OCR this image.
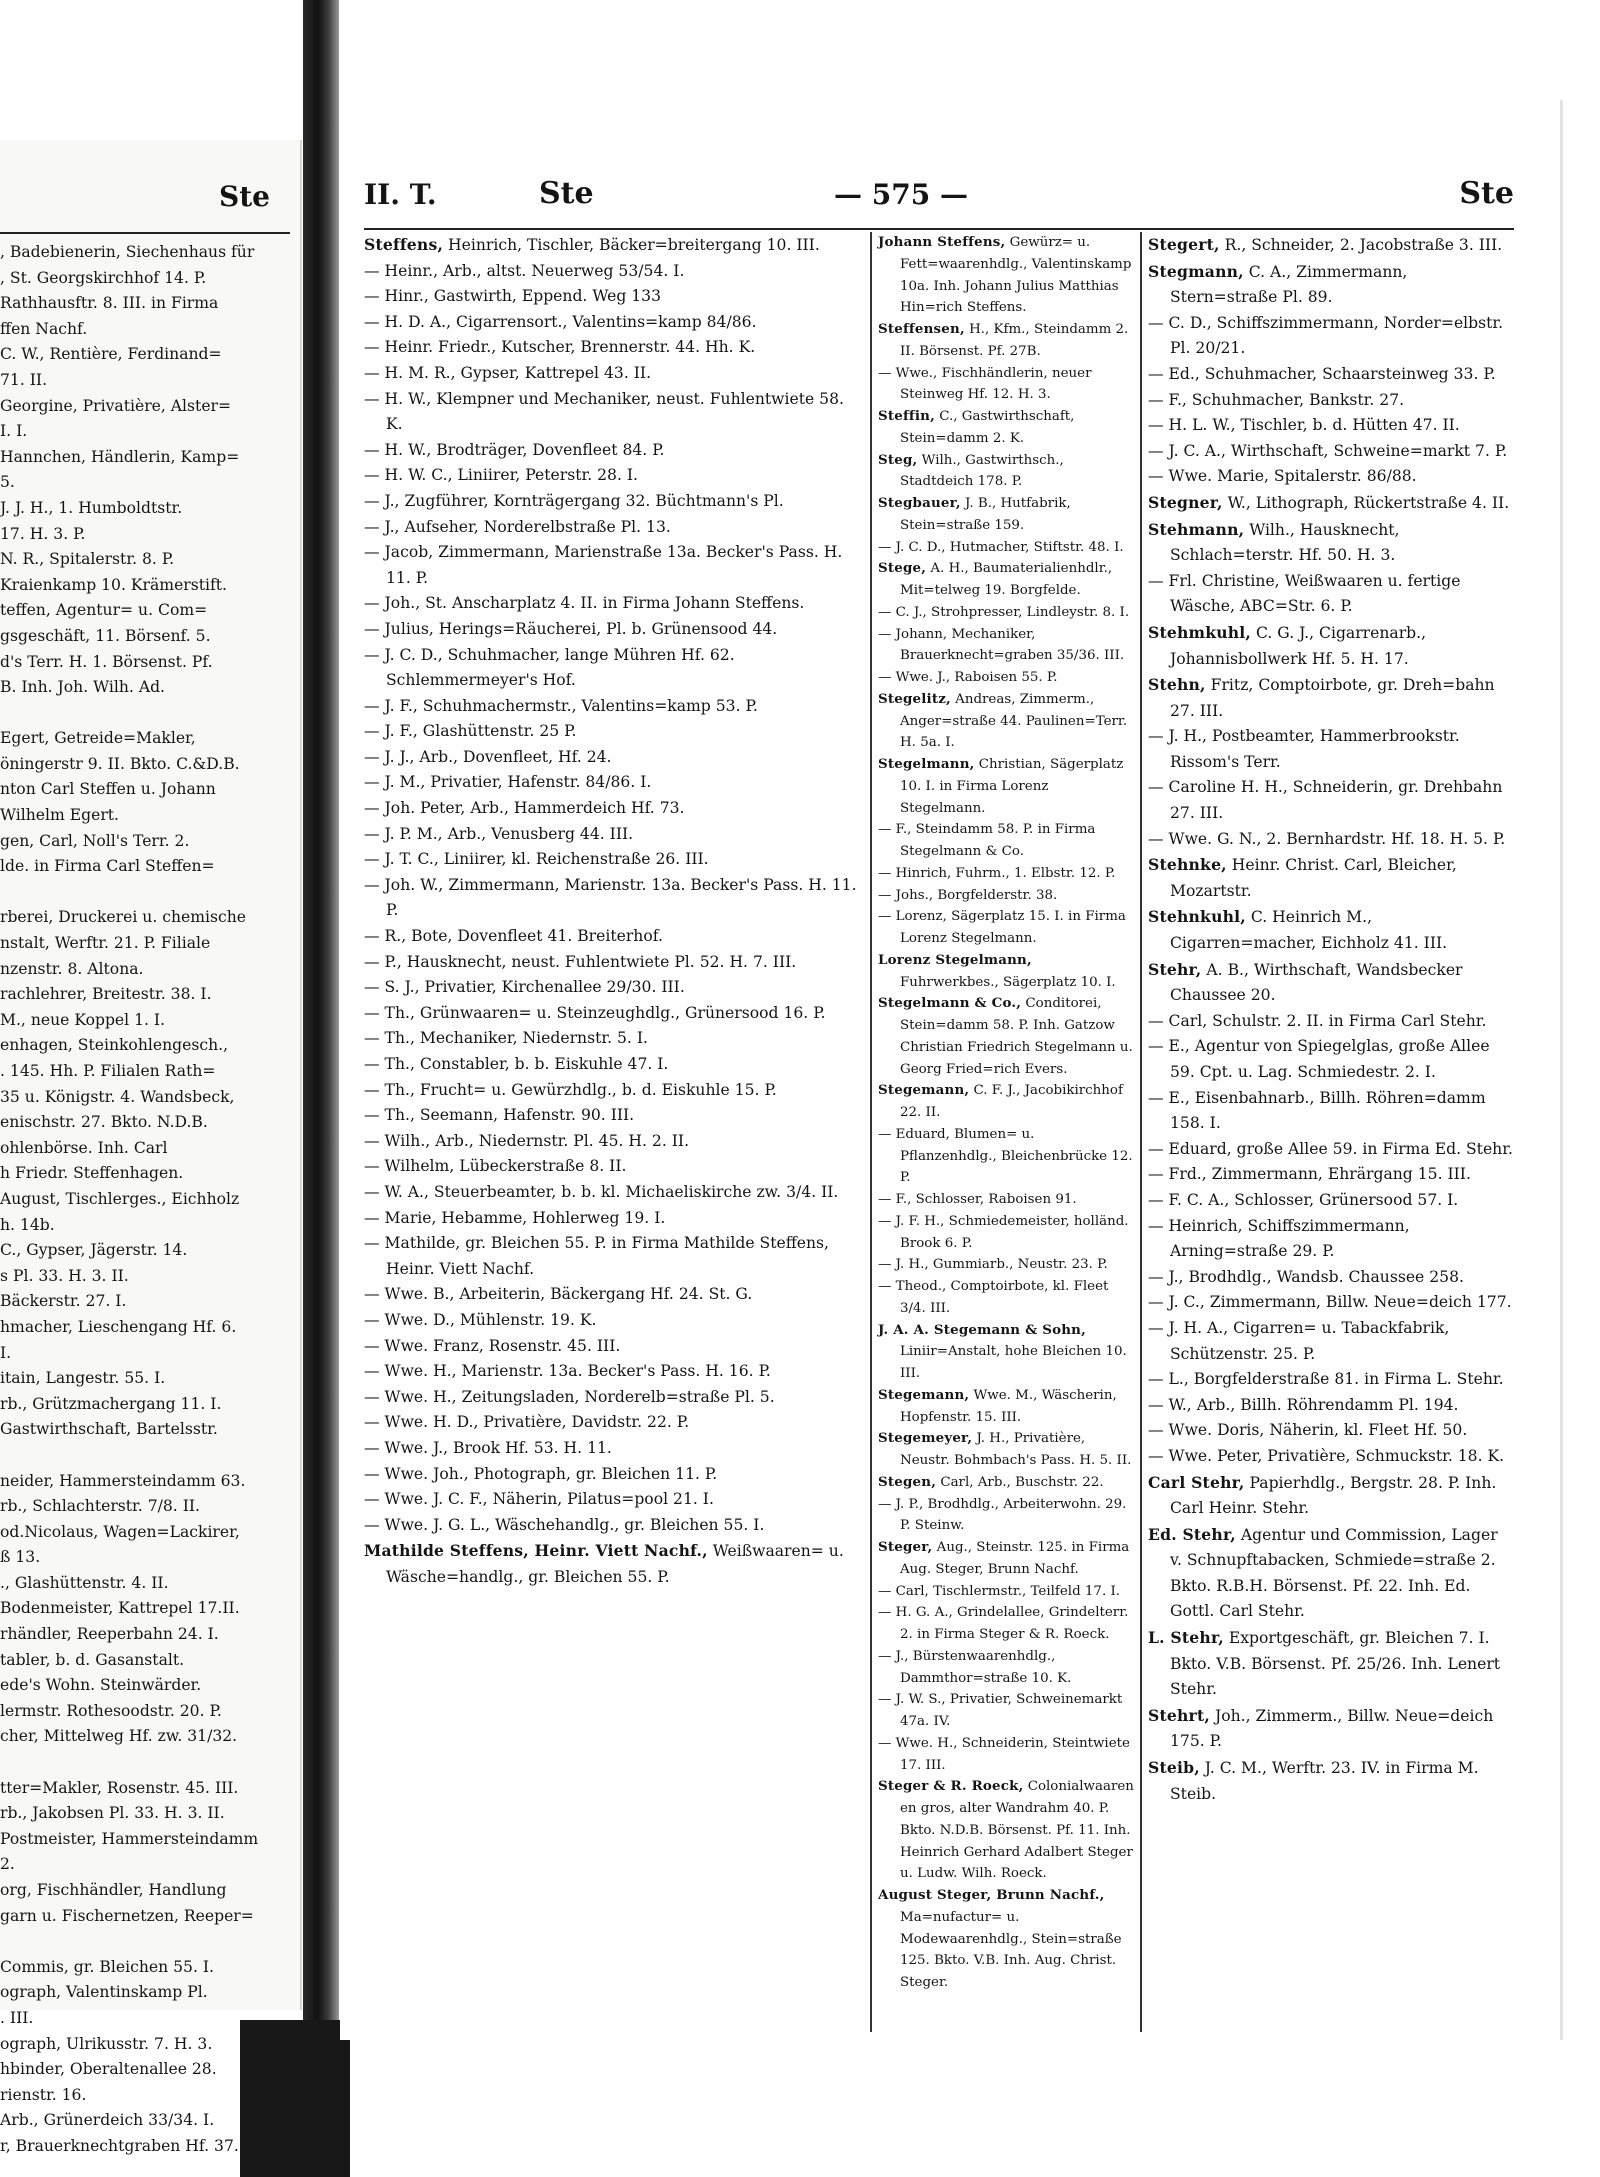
Ste
, Badebienerin, Siechenhaus für
, St. Georgskirchhof 14. P.
Rathhausftr. 8. III. in Firma
ffen Nachf.
C. W., Rentière, Ferdinand=
71. II.
Georgine, Privatière, Alster=
I. I.
Hannchen, Händlerin, Kamp=
5.
J. J. H., 1. Humboldtstr.
17. H. 3. P.
N. R., Spitalerstr. 8. P.
Kraienkamp 10. Krämerstift.
teffen, Agentur= u. Com=
gsgeschäft, 11. Börsenf. 5.
d's Terr. H. 1. Börsenst. Pf.
B. Inh. Joh. Wilh. Ad.
Egert, Getreide=Makler,
öningerstr 9. II. Bkto. C.&D.B.
nton Carl Steffen u. Johann
Wilhelm Egert.
gen, Carl, Noll's Terr. 2.
lde. in Firma Carl Steffen=
rberei, Druckerei u. chemische
nstalt, Werftr. 21. P. Filiale
nzenstr. 8. Altona.
rachlehrer, Breitestr. 38. I.
M., neue Koppel 1. I.
enhagen, Steinkohlengesch.,
. 145. Hh. P. Filialen Rath=
35 u. Königstr. 4. Wandsbeck,
enischstr. 27. Bkto. N.D.B.
ohlenbörse. Inh. Carl
h Friedr. Steffenhagen.
August, Tischlerges., Eichholz
h. 14b.
C., Gypser, Jägerstr. 14.
s Pl. 33. H. 3. II.
Bäckerstr. 27. I.
hmacher, Lieschengang Hf. 6.
I.
itain, Langestr. 55. I.
rb., Grützmachergang 11. I.
Gastwirthschaft, Bartelsstr.
neider, Hammersteindamm 63.
rb., Schlachterstr. 7/8. II.
od.Nicolaus, Wagen=Lackirer,
ß 13.
., Glashüttenstr. 4. II.
Bodenmeister, Kattrepel 17.II.
rhändler, Reeperbahn 24. I.
tabler, b. d. Gasanstalt.
ede's Wohn. Steinwärder.
lermstr. Rothesoodstr. 20. P.
cher, Mittelweg Hf. zw. 31/32.
tter=Makler, Rosenstr. 45. III.
rb., Jakobsen Pl. 33. H. 3. II.
Postmeister, Hammersteindamm
2.
org, Fischhändler, Handlung
garn u. Fischernetzen, Reeper=
Commis, gr. Bleichen 55. I.
ograph, Valentinskamp Pl.
. III.
ograph, Ulrikusstr. 7. H. 3.
hbinder, Oberaltenallee 28.
rienstr. 16.
Arb., Grünerdeich 33/34. I.
r, Brauerknechtgraben Hf. 37.
II. T.	Ste	— 575 —	Ste
Steffens, Heinrich, Tischler, Bäcker=breitergang 10. III.
— Heinr., Arb., altst. Neuerweg 53/54. I.
— Hinr., Gastwirth, Eppend. Weg 133
— H. D. A., Cigarrensort., Valentins=kamp 84/86.
— Heinr. Friedr., Kutscher, Brennerstr. 44. Hh. K.
— H. M. R., Gypser, Kattrepel 43. II.
— H. W., Klempner und Mechaniker, neust. Fuhlentwiete 58. K.
— H. W., Brodträger, Dovenfleet 84. P.
— H. W. C., Liniirer, Peterstr. 28. I.
— J., Zugführer, Kornträgergang 32. Büchtmann's Pl.
— J., Aufseher, Norderelbstraße Pl. 13.
— Jacob, Zimmermann, Marienstraße 13a. Becker's Pass. H. 11. P.
— Joh., St. Anscharplatz 4. II. in Firma Johann Steffens.
— Julius, Herings=Räucherei, Pl. b. Grünensood 44.
— J. C. D., Schuhmacher, lange Mühren Hf. 62. Schlemmermeyer's Hof.
— J. F., Schuhmachermstr., Valentins=kamp 53. P.
— J. F., Glashüttenstr. 25 P.
— J. J., Arb., Dovenfleet, Hf. 24.
— J. M., Privatier, Hafenstr. 84/86. I.
— Joh. Peter, Arb., Hammerdeich Hf. 73.
— J. P. M., Arb., Venusberg 44. III.
— J. T. C., Liniirer, kl. Reichenstraße 26. III.
— Joh. W., Zimmermann, Marienstr. 13a. Becker's Pass. H. 11. P.
— R., Bote, Dovenfleet 41. Breiterhof.
— P., Hausknecht, neust. Fuhlentwiete Pl. 52. H. 7. III.
— S. J., Privatier, Kirchenallee 29/30. III.
— Th., Grünwaaren= u. Steinzeughdlg., Grünersood 16. P.
— Th., Mechaniker, Niedernstr. 5. I.
— Th., Constabler, b. b. Eiskuhle 47. I.
— Th., Frucht= u. Gewürzhdlg., b. d. Eiskuhle 15. P.
— Th., Seemann, Hafenstr. 90. III.
— Wilh., Arb., Niedernstr. Pl. 45. H. 2. II.
— Wilhelm, Lübeckerstraße 8. II.
— W. A., Steuerbeamter, b. b. kl. Michaeliskirche zw. 3/4. II.
— Marie, Hebamme, Hohlerweg 19. I.
— Mathilde, gr. Bleichen 55. P. in Firma Mathilde Steffens, Heinr. Viett Nachf.
— Wwe. B., Arbeiterin, Bäckergang Hf. 24. St. G.
— Wwe. D., Mühlenstr. 19. K.
— Wwe. Franz, Rosenstr. 45. III.
— Wwe. H., Marienstr. 13a. Becker's Pass. H. 16. P.
— Wwe. H., Zeitungsladen, Norderelb=straße Pl. 5.
— Wwe. H. D., Privatière, Davidstr. 22. P.
— Wwe. J., Brook Hf. 53. H. 11.
— Wwe. Joh., Photograph, gr. Bleichen 11. P.
— Wwe. J. C. F., Näherin, Pilatus=pool 21. I.
— Wwe. J. G. L., Wäschehandlg., gr. Bleichen 55. I.
Mathilde Steffens, Heinr. Viett Nachf., Weißwaaren= u. Wäsche=handlg., gr. Bleichen 55. P.
Johann Steffens, Gewürz= u. Fett=waarenhdlg., Valentinskamp 10a. Inh. Johann Julius Matthias Hin=rich Steffens.
Steffensen, H., Kfm., Steindamm 2. II. Börsenst. Pf. 27B.
— Wwe., Fischhändlerin, neuer Steinweg Hf. 12. H. 3.
Steffin, C., Gastwirthschaft, Stein=damm 2. K.
Steg, Wilh., Gastwirthsch., Stadtdeich 178. P.
Stegbauer, J. B., Hutfabrik, Stein=straße 159.
— J. C. D., Hutmacher, Stiftstr. 48. I.
Stege, A. H., Baumaterialienhdlr., Mit=telweg 19. Borgfelde.
— C. J., Strohpresser, Lindleystr. 8. I.
— Johann, Mechaniker, Brauerknecht=graben 35/36. III.
— Wwe. J., Raboisen 55. P.
Stegelitz, Andreas, Zimmerm., Anger=straße 44. Paulinen=Terr. H. 5a. I.
Stegelmann, Christian, Sägerplatz 10. I. in Firma Lorenz Stegelmann.
— F., Steindamm 58. P. in Firma Stegelmann & Co.
— Hinrich, Fuhrm., 1. Elbstr. 12. P.
— Johs., Borgfelderstr. 38.
— Lorenz, Sägerplatz 15. I. in Firma Lorenz Stegelmann.
Lorenz Stegelmann, Fuhrwerkbes., Sägerplatz 10. I.
Stegelmann & Co., Conditorei, Stein=damm 58. P. Inh. Gatzow Christian Friedrich Stegelmann u. Georg Fried=rich Evers.
Stegemann, C. F. J., Jacobikirchhof 22. II.
— Eduard, Blumen= u. Pflanzenhdlg., Bleichenbrücke 12. P.
— F., Schlosser, Raboisen 91.
— J. F. H., Schmiedemeister, holländ. Brook 6. P.
— J. H., Gummiarb., Neustr. 23. P.
— Theod., Comptoirbote, kl. Fleet 3/4. III.
J. A. A. Stegemann & Sohn, Liniir=Anstalt, hohe Bleichen 10. III.
Stegemann, Wwe. M., Wäscherin, Hopfenstr. 15. III.
Stegemeyer, J. H., Privatière, Neustr. Bohmbach's Pass. H. 5. II.
Stegen, Carl, Arb., Buschstr. 22.
— J. P., Brodhdlg., Arbeiterwohn. 29. P. Steinw.
Steger, Aug., Steinstr. 125. in Firma Aug. Steger, Brunn Nachf.
— Carl, Tischlermstr., Teilfeld 17. I.
— H. G. A., Grindelallee, Grindelterr. 2. in Firma Steger & R. Roeck.
— J., Bürstenwaarenhdlg., Dammthor=straße 10. K.
— J. W. S., Privatier, Schweinemarkt 47a. IV.
— Wwe. H., Schneiderin, Steintwiete 17. III.
Steger & R. Roeck, Colonialwaaren en gros, alter Wandrahm 40. P. Bkto. N.D.B. Börsenst. Pf. 11. Inh. Heinrich Gerhard Adalbert Steger u. Ludw. Wilh. Roeck.
August Steger, Brunn Nachf., Ma=nufactur= u. Modewaarenhdlg., Stein=straße 125. Bkto. V.B. Inh. Aug. Christ. Steger.
Stegert, R., Schneider, 2. Jacobstraße 3. III.
Stegmann, C. A., Zimmermann, Stern=straße Pl. 89.
— C. D., Schiffszimmermann, Norder=elbstr. Pl. 20/21.
— Ed., Schuhmacher, Schaarsteinweg 33. P.
— F., Schuhmacher, Bankstr. 27.
— H. L. W., Tischler, b. d. Hütten 47. II.
— J. C. A., Wirthschaft, Schweine=markt 7. P.
— Wwe. Marie, Spitalerstr. 86/88.
Stegner, W., Lithograph, Rückertstraße 4. II.
Stehmann, Wilh., Hausknecht, Schlach=terstr. Hf. 50. H. 3.
— Frl. Christine, Weißwaaren u. fertige Wäsche, ABC=Str. 6. P.
Stehmkuhl, C. G. J., Cigarrenarb., Johannisbollwerk Hf. 5. H. 17.
Stehn, Fritz, Comptoirbote, gr. Dreh=bahn 27. III.
— J. H., Postbeamter, Hammerbrookstr. Rissom's Terr.
— Caroline H. H., Schneiderin, gr. Drehbahn 27. III.
— Wwe. G. N., 2. Bernhardstr. Hf. 18. H. 5. P.
Stehnke, Heinr. Christ. Carl, Bleicher, Mozartstr.
Stehnkuhl, C. Heinrich M., Cigarren=macher, Eichholz 41. III.
Stehr, A. B., Wirthschaft, Wandsbecker Chaussee 20.
— Carl, Schulstr. 2. II. in Firma Carl Stehr.
— E., Agentur von Spiegelglas, große Allee 59. Cpt. u. Lag. Schmiedestr. 2. I.
— E., Eisenbahnarb., Billh. Röhren=damm 158. I.
— Eduard, große Allee 59. in Firma Ed. Stehr.
— Frd., Zimmermann, Ehrärgang 15. III.
— F. C. A., Schlosser, Grünersood 57. I.
— Heinrich, Schiffszimmermann, Arning=straße 29. P.
— J., Brodhdlg., Wandsb. Chaussee 258.
— J. C., Zimmermann, Billw. Neue=deich 177.
— J. H. A., Cigarren= u. Tabackfabrik, Schützenstr. 25. P.
— L., Borgfelderstraße 81. in Firma L. Stehr.
— W., Arb., Billh. Röhrendamm Pl. 194.
— Wwe. Doris, Näherin, kl. Fleet Hf. 50.
— Wwe. Peter, Privatière, Schmuckstr. 18. K.
Carl Stehr, Papierhdlg., Bergstr. 28. P. Inh. Carl Heinr. Stehr.
Ed. Stehr, Agentur und Commission, Lager v. Schnupftabacken, Schmiede=straße 2. Bkto. R.B.H. Börsenst. Pf. 22. Inh. Ed. Gottl. Carl Stehr.
L. Stehr, Exportgeschäft, gr. Bleichen 7. I. Bkto. V.B. Börsenst. Pf. 25/26. Inh. Lenert Stehr.
Stehrt, Joh., Zimmerm., Billw. Neue=deich 175. P.
Steib, J. C. M., Werftr. 23. IV. in Firma M. Steib.
